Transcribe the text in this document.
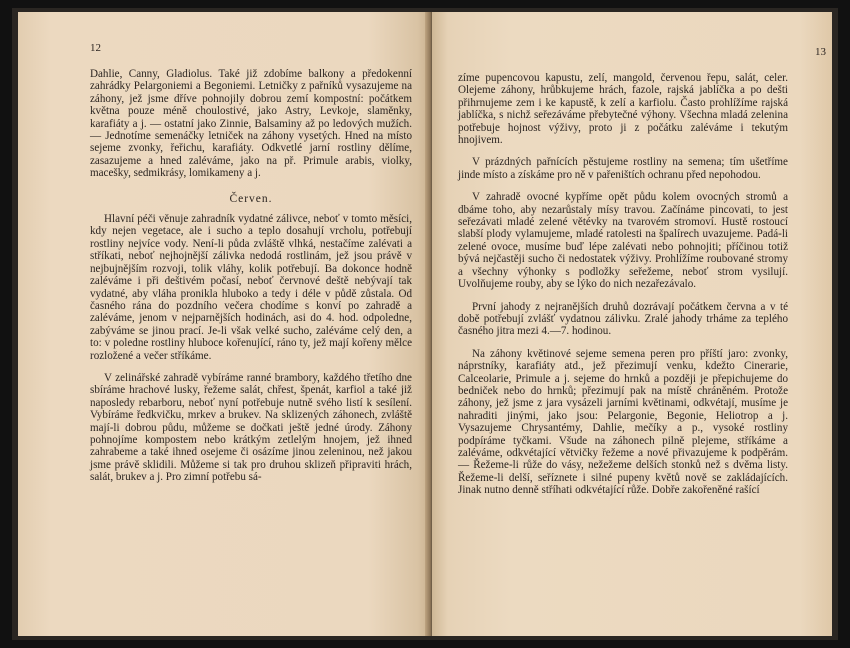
12

Dahlie, Canny, Gladiolus. Také již zdobíme balkony a předokenní zahrádky Pelargoniemi a Begoniemi. Letničky z pařníků vysazujeme na záhony, jež jsme dříve pohnojily dobrou zemí kompostní: počátkem května pouze méně choulostivé, jako Astry, Levkoje, slaměnky, karafiáty a j. — ostatní jako Zinnie, Balsaminy až po ledových mužích. — Jednotíme semenáčky letniček na záhony vysetých. Hned na místo sejeme zvonky, řeřichu, karafiáty. Odkvetlé jarní rostliny dělíme, zasazujeme a hned zaléváme, jako na př. Primule arabis, violky, macešky, sedmikrásy, lomikameny a j.

Červen.

Hlavní péči věnuje zahradník vydatné zálivce, neboť v tomto měsíci, kdy nejen vegetace, ale i sucho a teplo dosahují vrcholu, potřebují rostliny nejvíce vody. Není-li půda zvláště vlhká, nestačíme zalévati a stříkati, neboť nejhojnější zálivka nedodá rostlinám, jež jsou právě v nejbujnějším rozvoji, tolik vláhy, kolik potřebují. Ba dokonce hodně zaléváme i při deštivém počasí, neboť červnové deště nebývají tak vydatné, aby vláha pronikla hluboko a tedy i déle v půdě zůstala. Od časného rána do pozdního večera chodíme s konví po zahradě a zaléváme, jenom v nejparnějších hodinách, asi do 4. hod. odpoledne, zabýváme se jinou prací. Je-li však velké sucho, zaléváme celý den, a to: v poledne rostliny hluboce kořenující, ráno ty, jež mají kořeny mělce rozložené a večer stříkáme.

V zelinářské zahradě vybíráme ranné brambory, každého třetího dne sbíráme hrachové lusky, řežeme salát, chřest, špenát, karfiol a také již naposledy rebarboru, neboť nyní potřebuje nutně svého listí k sesílení. Vybíráme ředkvičku, mrkev a brukev. Na sklizených záhonech, zvláště mají-li dobrou půdu, můžeme se dočkati ještě jedné úrody. Záhony pohnojíme kompostem nebo krátkým zetlelým hnojem, jež ihned zahrabeme a také ihned osejeme či osázíme jinou zeleninou, než jakou jsme právě sklidili. Můžeme si tak pro druhou sklizeň připraviti hrách, salát, brukev a j. Pro zimní potřebu sá-

13

zíme pupencovou kapustu, zelí, mangold, červenou řepu, salát, celer. Olejeme záhony, hrůbkujeme hrách, fazole, rajská jablíčka a po dešti přihrnujeme zem i ke kapustě, k zelí a karfiolu. Často prohlížíme rajská jablíčka, s nichž seřezáváme přebytečné výhony. Všechna mladá zelenina potřebuje hojnost výživy, proto ji z počátku zaléváme i tekutým hnojivem.

V prázdných pařnících pěstujeme rostliny na semena; tím ušetříme jinde místo a získáme pro ně v pařeništích ochranu před nepohodou.

V zahradě ovocné kypříme opět půdu kolem ovocných stromů a dbáme toho, aby nezarůstaly mísy travou. Začínáme pincovati, to jest seřezávati mladé zelené větévky na tvarovém stromoví. Hustě rostoucí slabší plody vylamujeme, mladé ratolesti na špalírech uvazujeme. Padá-li zelené ovoce, musíme buď lépe zalévati nebo pohnojiti; příčinou totiž bývá nejčastěji sucho či nedostatek výživy. Prohlížíme roubované stromy a všechny výhonky s podložky seřežeme, neboť strom vysilují. Uvolňujeme rouby, aby se lýko do nich nezařezávalo.

První jahody z nejranějších druhů dozrávají počátkem června a v té době potřebují zvlášť vydatnou zálivku. Zralé jahody trháme za teplého časného jitra mezi 4.—7. hodinou.

Na záhony květinové sejeme semena peren pro příští jaro: zvonky, náprstníky, karafiáty atd., jež přezimují venku, kdežto Cinerarie, Calceolarie, Primule a j. sejeme do hrnků a později je přepichujeme do bedniček nebo do hrnků; přezimují pak na místě chráněném. Protože záhony, jež jsme z jara vysázeli jarními květinami, odkvétají, musíme je nahraditi jinými, jako jsou: Pelargonie, Begonie, Heliotrop a j. Vysazujeme Chrysantémy, Dahlie, mečíky a p., vysoké rostliny podpíráme tyčkami. Všude na záhonech pilně plejeme, stříkáme a zaléváme, odkvétající větvičky řežeme a nové přivazujeme k podpěrám. — Řežeme-li růže do vásy, nežežeme delších stonků než s dvěma listy. Řežeme-li delší, seříznete i silné pupeny květů nově se zakládajících. Jinak nutno denně stříhati odkvétající růže. Dobře zakořeněné rašící
